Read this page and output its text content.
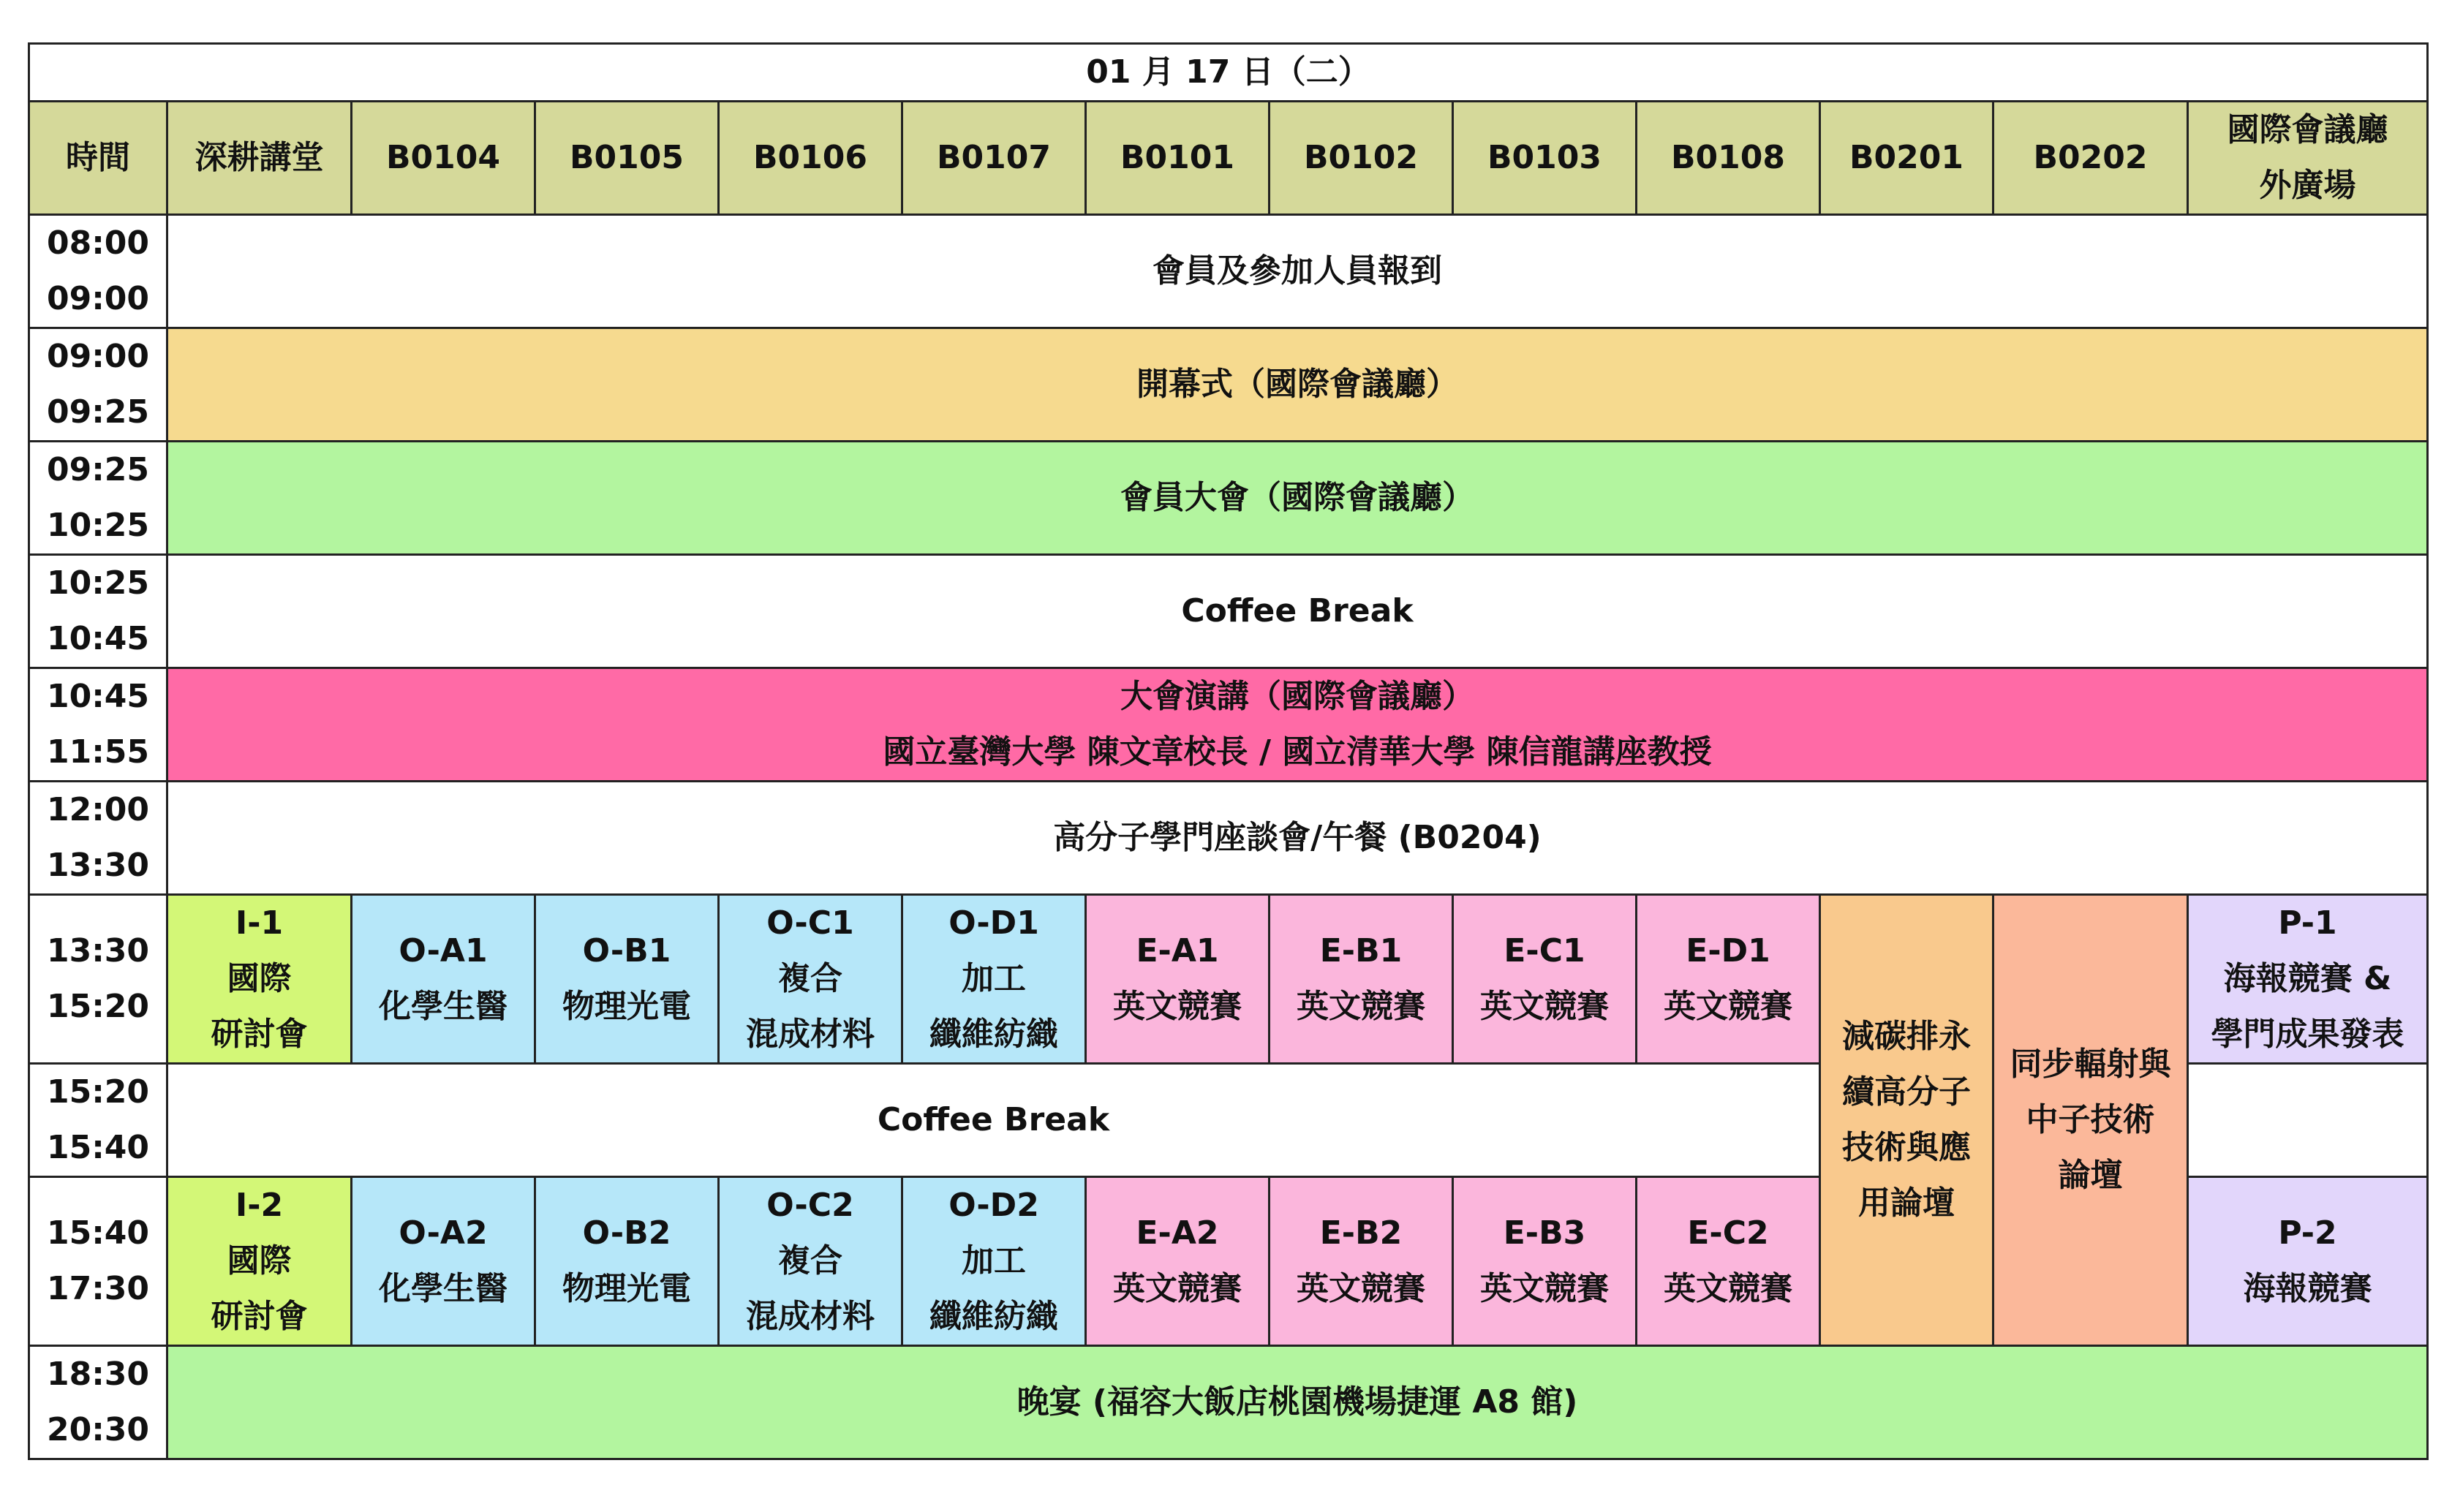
01 月 17 日（二）												
時間	深耕講堂	B0104	B0105	B0106	B0107	B0101	B0102	B0103	B0108	B0201	B0202	國際會議廳
外廣場

08:00
09:00	會員及參加人員報到											

09:00
09:25	開幕式（國際會議廳）											

09:25
10:25	會員大會（國際會議廳）											

10:25
10:45	Coffee Break											

10:45
11:55	大會演講（國際會議廳）
國立臺灣大學 陳文章校長 / 國立清華大學 陳信龍講座教授											

12:00
13:30	高分子學門座談會/午餐 (B0204)											

13:30
15:20	I-1
國際
研討會	O-A1
化學生醫	O-B1
物理光電	O-C1
複合
混成材料	O-D1
加工
纖維紡織	E-A1
英文競賽	E-B1
英文競賽	E-C1
英文競賽	E-D1
英文競賽	減碳排永
續高分子
技術與應
用論壇	同步輻射與
中子技術
論壇	P-1
海報競賽 &
學門成果發表

15:20
15:40	Coffee Break											

15:40
17:30	I-2
國際
研討會	O-A2
化學生醫	O-B2
物理光電	O-C2
複合
混成材料	O-D2
加工
纖維紡織	E-A2
英文競賽	E-B2
英文競賽	E-B3
英文競賽	E-C2
英文競賽			P-2
海報競賽

18:30
20:30	晚宴 (福容大飯店桃園機場捷運 A8 館)											
